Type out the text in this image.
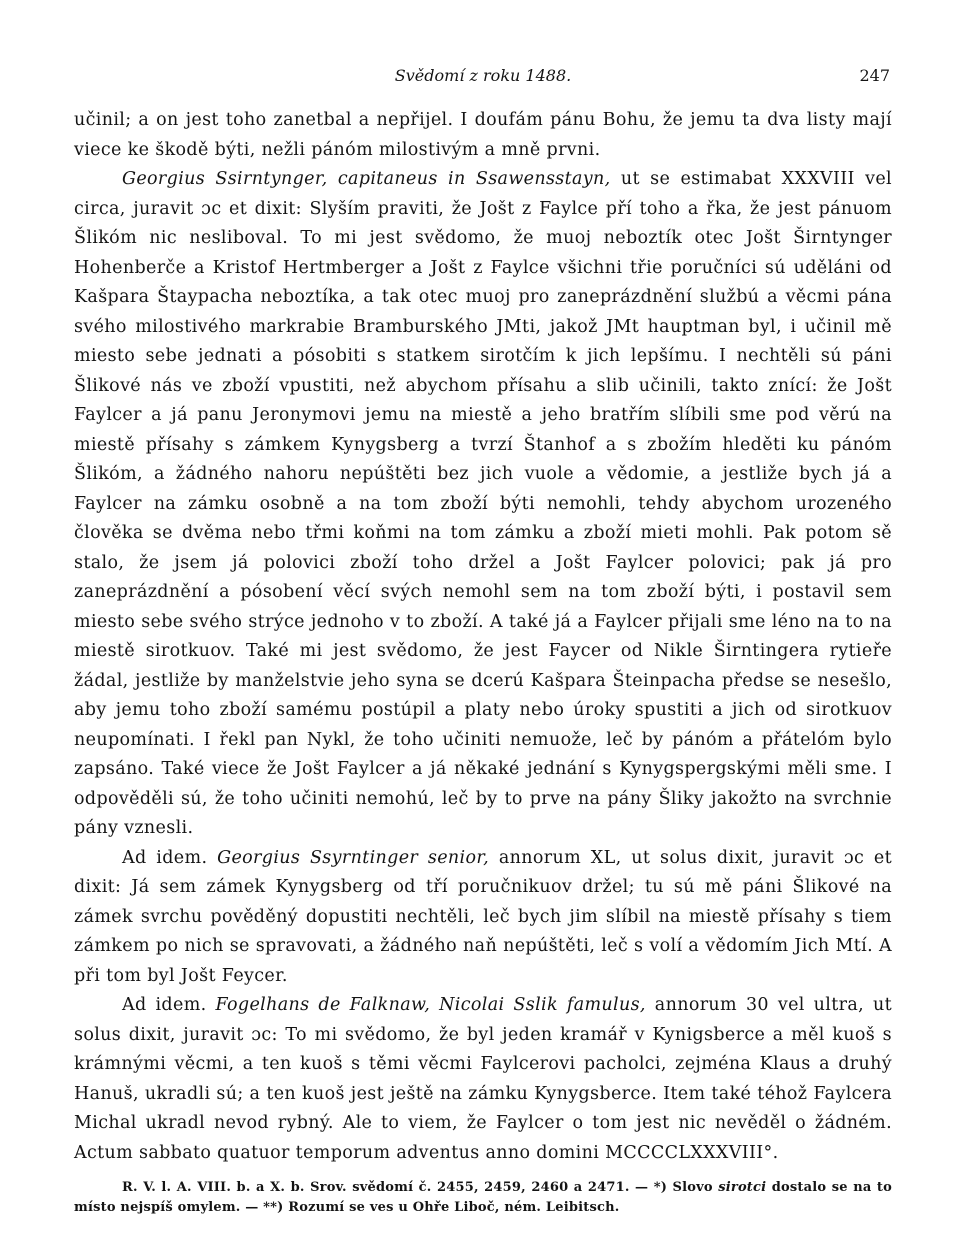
Svědomí z roku 1488.	247

učinil; a on jest toho zanetbal a nepřijel. I doufám pánu Bohu, že jemu ta dva listy mají viece ke škodě býti, nežli pánóm milostivým a mně prvni.

Georgius Ssirntynger, capitaneus in Ssawensstayn, ut se estimabat XXXVIII vel circa, juravit ɔc et dixit: Slyším praviti, že Jošt z Faylce pří toho a řka, že jest pánuom Šlikóm nic nesliboval. To mi jest svědomo, že muoj neboztík otec Jošt Širntynger Hohenberče a Kristof Hertmberger a Jošt z Faylce všichni třie poručníci sú uděláni od Kašpara Štaypacha neboztíka, a tak otec muoj pro zaneprázdnění službú a věcmi pána svého milostivého markrabie Bramburského JMti, jakož JMt hauptman byl, i učinil mě miesto sebe jednati a pósobiti s statkem sirotčím k jich lepšímu. I nechtěli sú páni Šlikové nás ve zboží vpustiti, než abychom přísahu a slib učinili, takto znící: že Jošt Faylcer a já panu Jeronymovi jemu na miestě a jeho bratřím slíbili sme pod věrú na miestě přísahy s zámkem Kynygsberg a tvrzí Štanhof a s zbožím hleděti ku pánóm Šlikóm, a žádného nahoru nepúštěti bez jich vuole a vědomie, a jestliže bych já a Faylcer na zámku osobně a na tom zboží býti nemohli, tehdy abychom urozeného člověka se dvěma nebo třmi koňmi na tom zámku a zboží mieti mohli. Pak potom sě stalo, že jsem já polovici zboží toho držel a Jošt Faylcer polovici; pak já pro zaneprázdnění a pósobení věcí svých nemohl sem na tom zboží býti, i postavil sem miesto sebe svého strýce jednoho v to zboží. A také já a Faylcer přijali sme léno na to na miestě sirotkuov. Také mi jest svědomo, že jest Faycer od Nikle Širntingera rytieře žádal, jestliže by manželstvie jeho syna se dcerú Kašpara Šteinpacha předse se nesešlo, aby jemu toho zboží samému postúpil a platy nebo úroky spustiti a jich od sirotkuov neupomínati. I řekl pan Nykl, že toho učiniti nemuože, leč by pánóm a přátelóm bylo zapsáno. Také viece že Jošt Faylcer a já někaké jednání s Kynygspergskými měli sme. I odpověděli sú, že toho učiniti nemohú, leč by to prve na pány Šliky jakožto na svrchnie pány vznesli.

Ad idem. Georgius Ssyrntinger senior, annorum XL, ut solus dixit, juravit ɔc et dixit: Já sem zámek Kynygsberg od tří poručnikuov držel; tu sú mě páni Šlikové na zámek svrchu pověděný dopustiti nechtěli, leč bych jim slíbil na miestě přísahy s tiem zámkem po nich se spravovati, a žádného naň nepúštěti, leč s volí a vědomím Jich Mtí. A při tom byl Jošt Feycer.

Ad idem. Fogelhans de Falknaw, Nicolai Sslik famulus, annorum 30 vel ultra, ut solus dixit, juravit ɔc: To mi svědomo, že byl jeden kramář v Kynigsberce a měl kuoš s krámnými věcmi, a ten kuoš s těmi věcmi Faylcerovi pacholci, zejména Klaus a druhý Hanuš, ukradli sú; a ten kuoš jest ještě na zámku Kynygsberce. Item také téhož Faylcera Michal ukradl nevod rybný. Ale to viem, že Faylcer o tom jest nic nevěděl o žádném. Actum sabbato quatuor temporum adventus anno domini MCCCCLXXXVIII°.

R. V. l. A. VIII. b. a X. b. Srov. svědomí č. 2455, 2459, 2460 a 2471. — *) Slovo sirotci dostalo se na to místo nejspíš omylem. — **) Rozumí se ves u Ohře Liboč, ném. Leibitsch.
